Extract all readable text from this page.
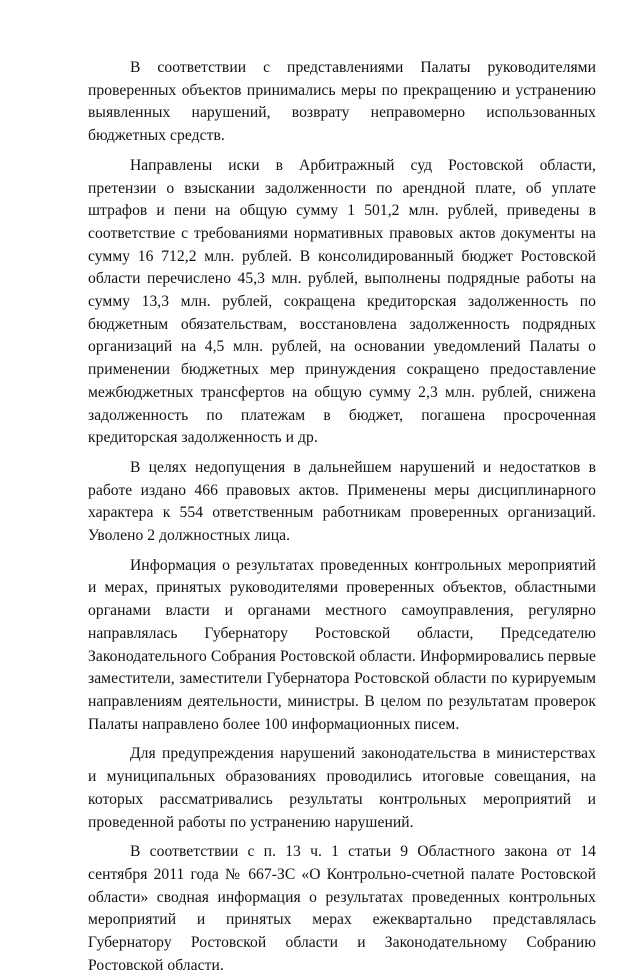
В соответствии с представлениями Палаты руководителями проверенных объектов принимались меры по прекращению и устранению выявленных нарушений, возврату неправомерно использованных бюджетных средств.

Направлены иски в Арбитражный суд Ростовской области, претензии о взыскании задолженности по арендной плате, об уплате штрафов и пени на общую сумму 1 501,2 млн. рублей, приведены в соответствие с требованиями нормативных правовых актов документы на сумму 16 712,2 млн. рублей. В консолидированный бюджет Ростовской области перечислено 45,3 млн. рублей, выполнены подрядные работы на сумму 13,3 млн. рублей, сокращена кредиторская задолженность по бюджетным обязательствам, восстановлена задолженность подрядных организаций на 4,5 млн. рублей, на основании уведомлений Палаты о применении бюджетных мер принуждения сокращено предоставление межбюджетных трансфертов на общую сумму 2,3 млн. рублей, снижена задолженность по платежам в бюджет, погашена просроченная кредиторская задолженность и др.

В целях недопущения в дальнейшем нарушений и недостатков в работе издано 466 правовых актов. Применены меры дисциплинарного характера к 554 ответственным работникам проверенных организаций. Уволено 2 должностных лица.

Информация о результатах проведенных контрольных мероприятий и мерах, принятых руководителями проверенных объектов, областными органами власти и органами местного самоуправления, регулярно направлялась Губернатору Ростовской области, Председателю Законодательного Собрания Ростовской области. Информировались первые заместители, заместители Губернатора Ростовской области по курируемым направлениям деятельности, министры. В целом по результатам проверок Палаты направлено более 100 информационных писем.

Для предупреждения нарушений законодательства в министерствах и муниципальных образованиях проводились итоговые совещания, на которых рассматривались результаты контрольных мероприятий и проведенной работы по устранению нарушений.

В соответствии с п. 13 ч. 1 статьи 9 Областного закона от 14 сентября 2011 года № 667-ЗС «О Контрольно-счетной палате Ростовской области» сводная информация о результатах проведенных контрольных мероприятий и принятых мерах ежеквартально представлялась Губернатору Ростовской области и Законодательному Собранию Ростовской области.
